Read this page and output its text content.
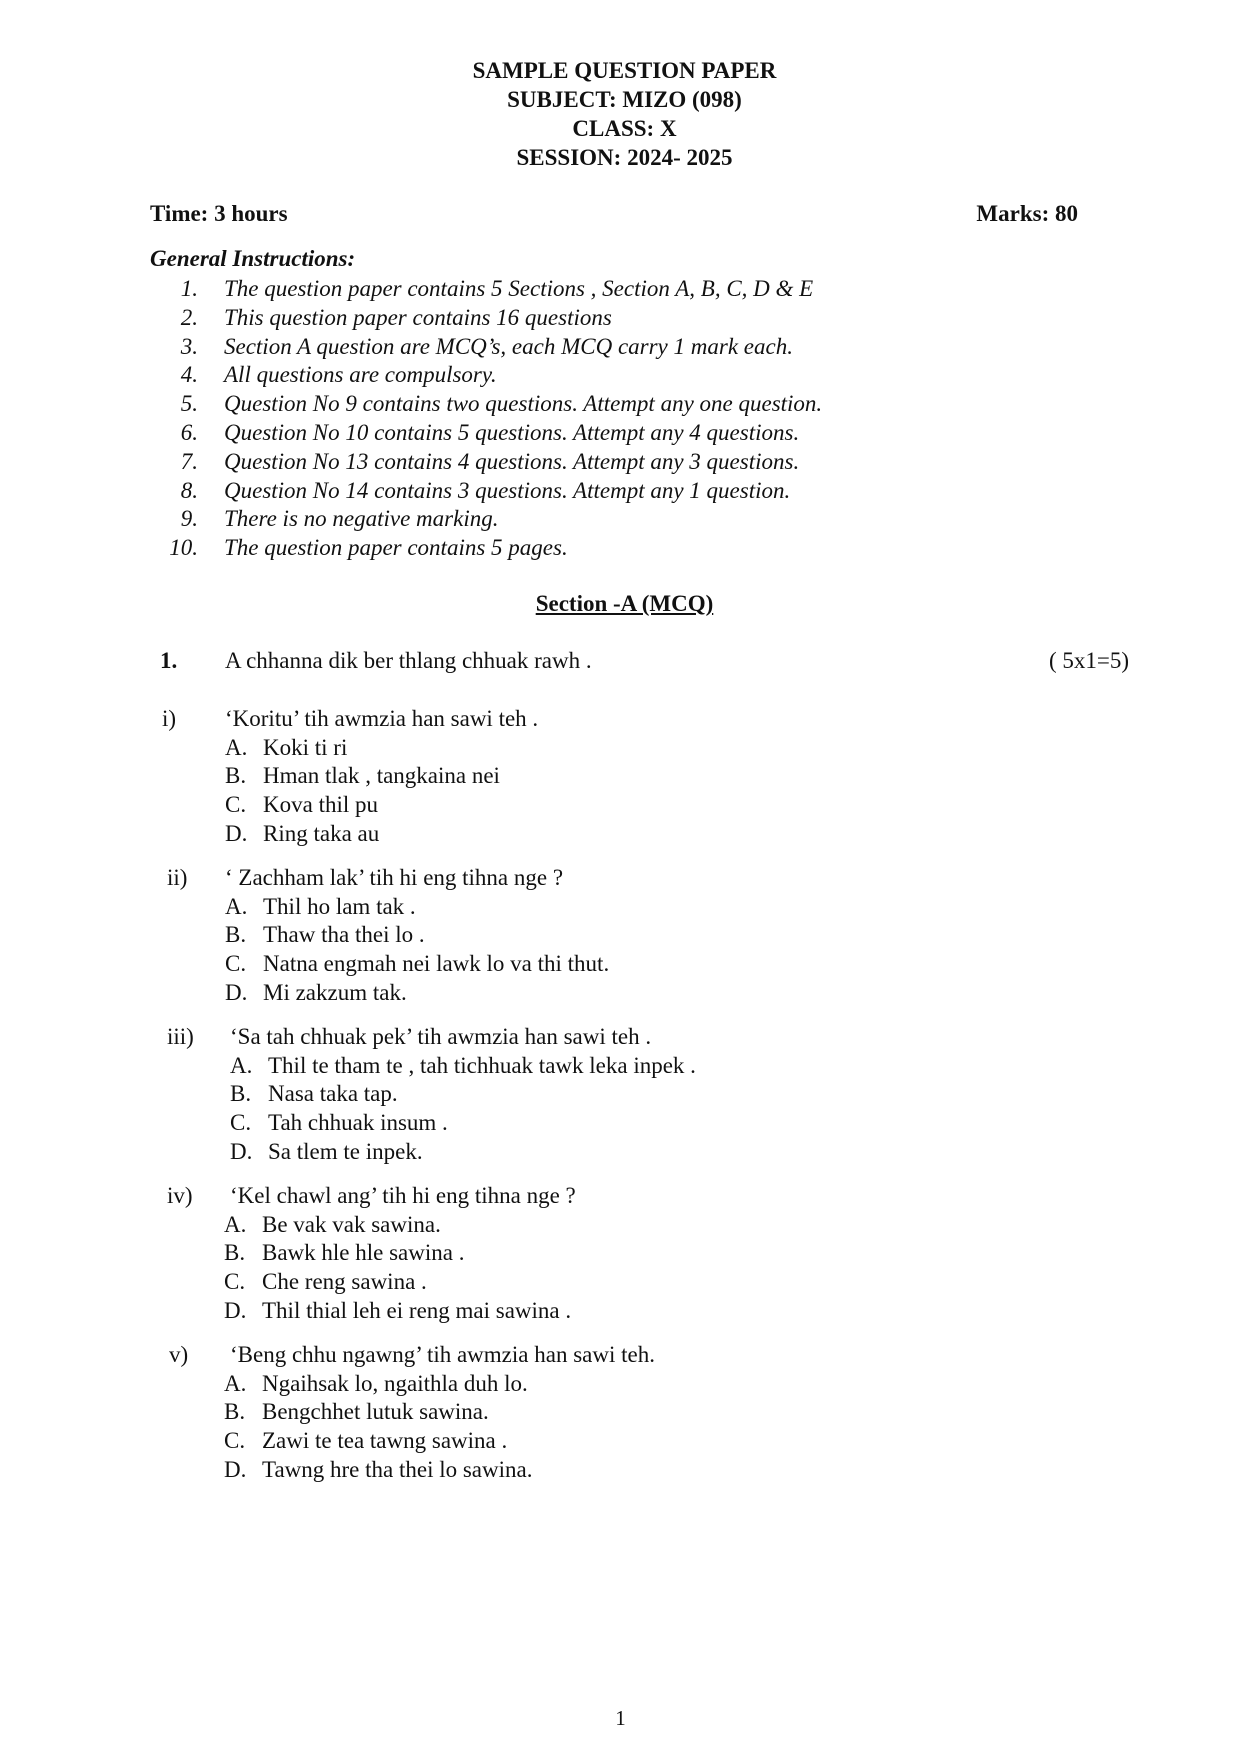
SAMPLE QUESTION PAPER
SUBJECT: MIZO (098)
CLASS: X
SESSION: 2024- 2025
Time: 3 hours	Marks: 80
General Instructions:
1.	The question paper contains 5 Sections , Section A, B, C, D & E
2.	This question paper contains 16 questions
3.	Section A question are MCQ’s, each MCQ carry 1 mark each.
4.	All questions are compulsory.
5.	Question No 9 contains two questions. Attempt any one question.
6.	Question No 10 contains 5 questions. Attempt any 4 questions.
7.	Question No 13 contains 4 questions. Attempt any 3 questions.
8.	Question No 14 contains 3 questions. Attempt any 1 question.
9.	There is no negative marking.
10.	The question paper contains 5 pages.
Section -A (MCQ)
1. A chhanna dik ber thlang chhuak rawh .	( 5x1=5)
i) ‘Koritu’ tih awmzia han sawi teh .
A. Koki ti ri
B. Hman tlak , tangkaina nei
C. Kova thil pu
D. Ring taka au
ii) ‘ Zachham lak’ tih hi eng tihna nge ?
A. Thil ho lam tak .
B. Thaw tha thei lo .
C. Natna engmah nei lawk lo va thi thut.
D. Mi zakzum tak.
iii) ‘Sa tah chhuak pek’ tih awmzia han sawi teh .
A. Thil te tham te , tah tichhuak tawk leka inpek .
B. Nasa taka tap.
C. Tah chhuak insum .
D. Sa tlem te inpek.
iv) ‘Kel chawl ang’ tih hi eng tihna nge ?
A. Be vak vak sawina.
B. Bawk hle hle sawina .
C. Che reng sawina .
D. Thil thial leh ei reng mai sawina .
v) ‘Beng chhu ngawng’ tih awmzia han sawi teh.
A. Ngaihsak lo, ngaithla duh lo.
B. Bengchhet lutuk sawina.
C. Zawi te tea tawng sawina .
D. Tawng hre tha thei lo sawina.
1
